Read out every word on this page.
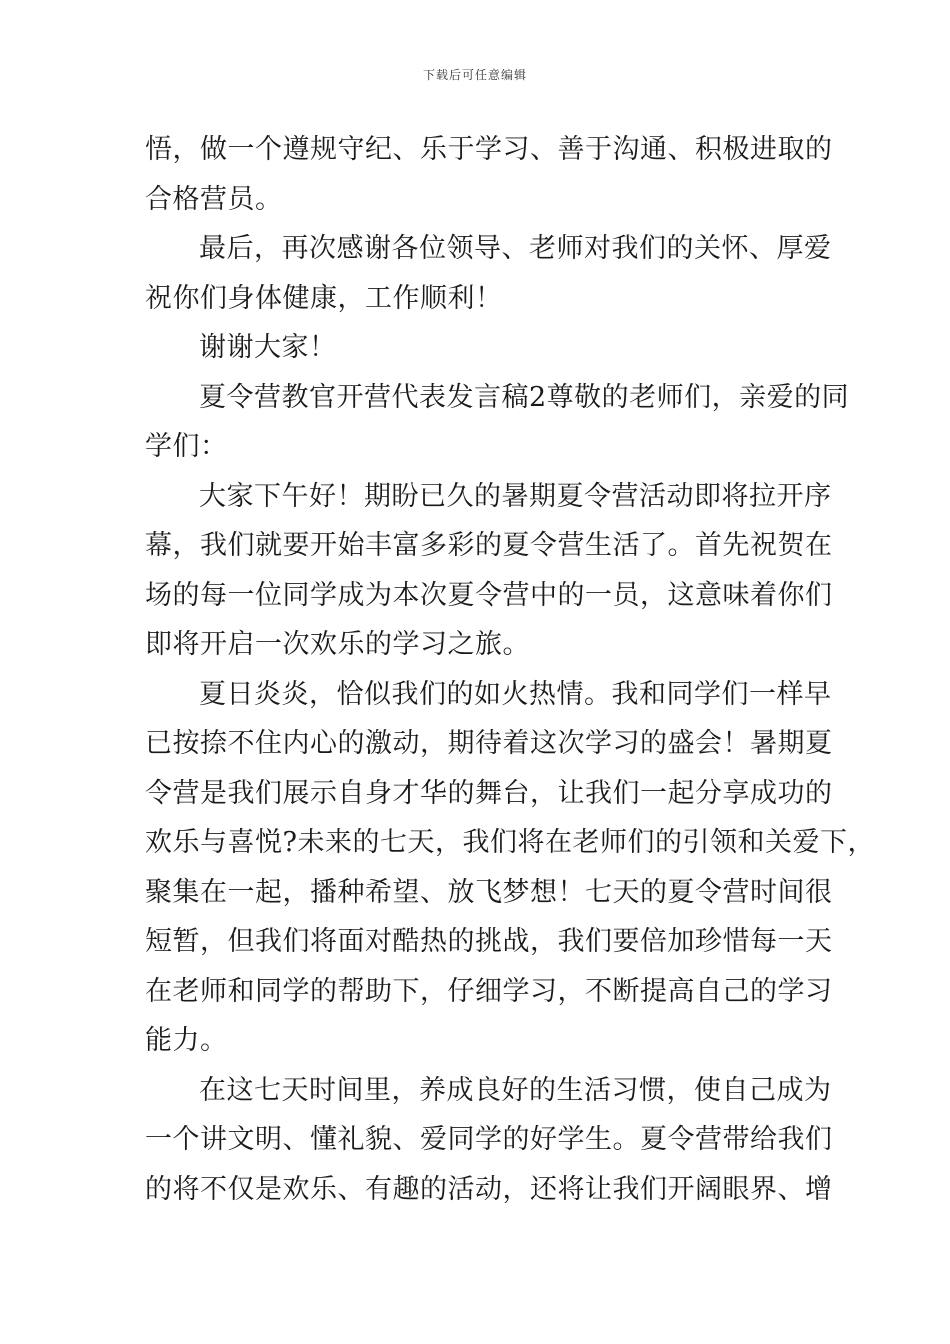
下载后可任意编辑
悟，做一个遵规守纪、乐于学习、善于沟通、积极进取的
合格营员。
最后，再次感谢各位领导、老师对我们的关怀、厚爱
祝你们身体健康，工作顺利！
谢谢大家！
夏令营教官开营代表发言稿2尊敬的老师们，亲爱的同
学们：
大家下午好！期盼已久的暑期夏令营活动即将拉开序
幕，我们就要开始丰富多彩的夏令营生活了。首先祝贺在
场的每一位同学成为本次夏令营中的一员，这意味着你们
即将开启一次欢乐的学习之旅。
夏日炎炎，恰似我们的如火热情。我和同学们一样早
已按捺不住内心的激动，期待着这次学习的盛会！暑期夏
令营是我们展示自身才华的舞台，让我们一起分享成功的
欢乐与喜悦?未来的七天，我们将在老师们的引领和关爱下，
聚集在一起，播种希望、放飞梦想！七天的夏令营时间很
短暂，但我们将面对酷热的挑战，我们要倍加珍惜每一天
在老师和同学的帮助下，仔细学习，不断提高自己的学习
能力。
在这七天时间里，养成良好的生活习惯，使自己成为
一个讲文明、懂礼貌、爱同学的好学生。夏令营带给我们
的将不仅是欢乐、有趣的活动，还将让我们开阔眼界、增
